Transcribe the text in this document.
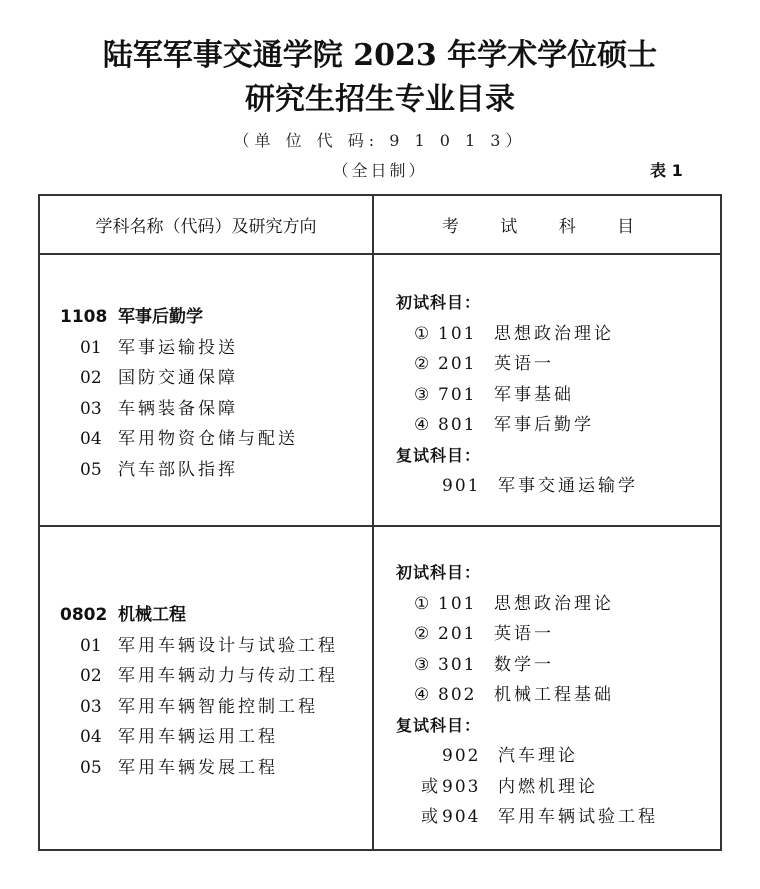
陆军军事交通学院 2023 年学术学位硕士
研究生招生专业目录
（单 位 代 码: 9 1 0 1 3）
（全日制）	表 1
学科名称（代码）及研究方向	考 试 科 目
1108 军事后勤学
01 军事运输投送
02 国防交通保障
03 车辆装备保障
04 军用物资仓储与配送
05 汽车部队指挥
初试科目：
① 101 思想政治理论
② 201 英语一
③ 701 军事基础
④ 801 军事后勤学
复试科目：
901 军事交通运输学
0802 机械工程
01 军用车辆设计与试验工程
02 军用车辆动力与传动工程
03 军用车辆智能控制工程
04 军用车辆运用工程
05 军用车辆发展工程
初试科目：
① 101 思想政治理论
② 201 英语一
③ 301 数学一
④ 802 机械工程基础
复试科目：
902 汽车理论
或 903 内燃机理论
或 904 军用车辆试验工程
